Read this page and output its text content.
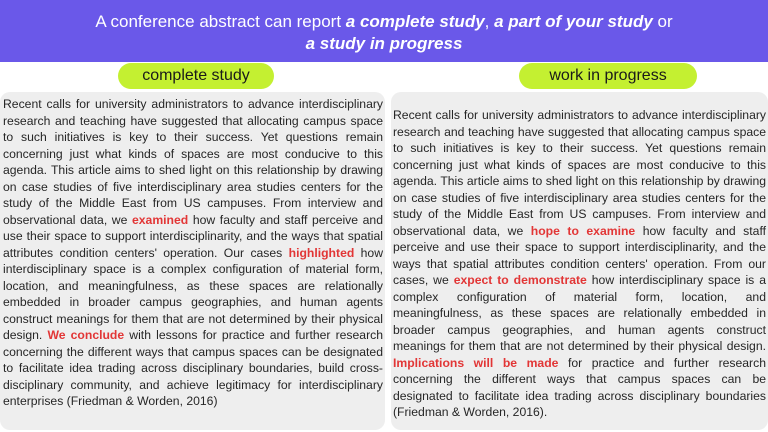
A conference abstract can report a complete study, a part of your study or
a study in progress
complete study	work in progress
Recent calls for university administrators to advance interdisciplinary research and teaching have suggested that allocating campus space to such initiatives is key to their success. Yet questions remain concerning just what kinds of spaces are most conducive to this agenda. This article aims to shed light on this relationship by drawing on case studies of five interdisciplinary area studies centers for the study of the Middle East from US campuses. From interview and observational data, we examined how faculty and staff perceive and use their space to support interdisciplinarity, and the ways that spatial attributes condition centers' operation. Our cases highlighted how interdisciplinary space is a complex configuration of material form, location, and meaningfulness, as these spaces are relationally embedded in broader campus geographies, and human agents construct meanings for them that are not determined by their physical design. We conclude with lessons for practice and further research concerning the different ways that campus spaces can be designated to facilitate idea trading across disciplinary boundaries, build cross-disciplinary community, and achieve legitimacy for interdisciplinary enterprises (Friedman & Worden, 2016)
Recent calls for university administrators to advance interdisciplinary research and teaching have suggested that allocating campus space to such initiatives is key to their success. Yet questions remain concerning just what kinds of spaces are most conducive to this agenda. This article aims to shed light on this relationship by drawing on case studies of five interdisciplinary area studies centers for the study of the Middle East from US campuses. From interview and observational data, we hope to examine how faculty and staff perceive and use their space to support interdisciplinarity, and the ways that spatial attributes condition centers' operation. From our cases, we expect to demonstrate how interdisciplinary space is a complex configuration of material form, location, and meaningfulness, as these spaces are relationally embedded in broader campus geographies, and human agents construct meanings for them that are not determined by their physical design. Implications will be made for practice and further research concerning the different ways that campus spaces can be designated to facilitate idea trading across disciplinary boundaries (Friedman & Worden, 2016).
